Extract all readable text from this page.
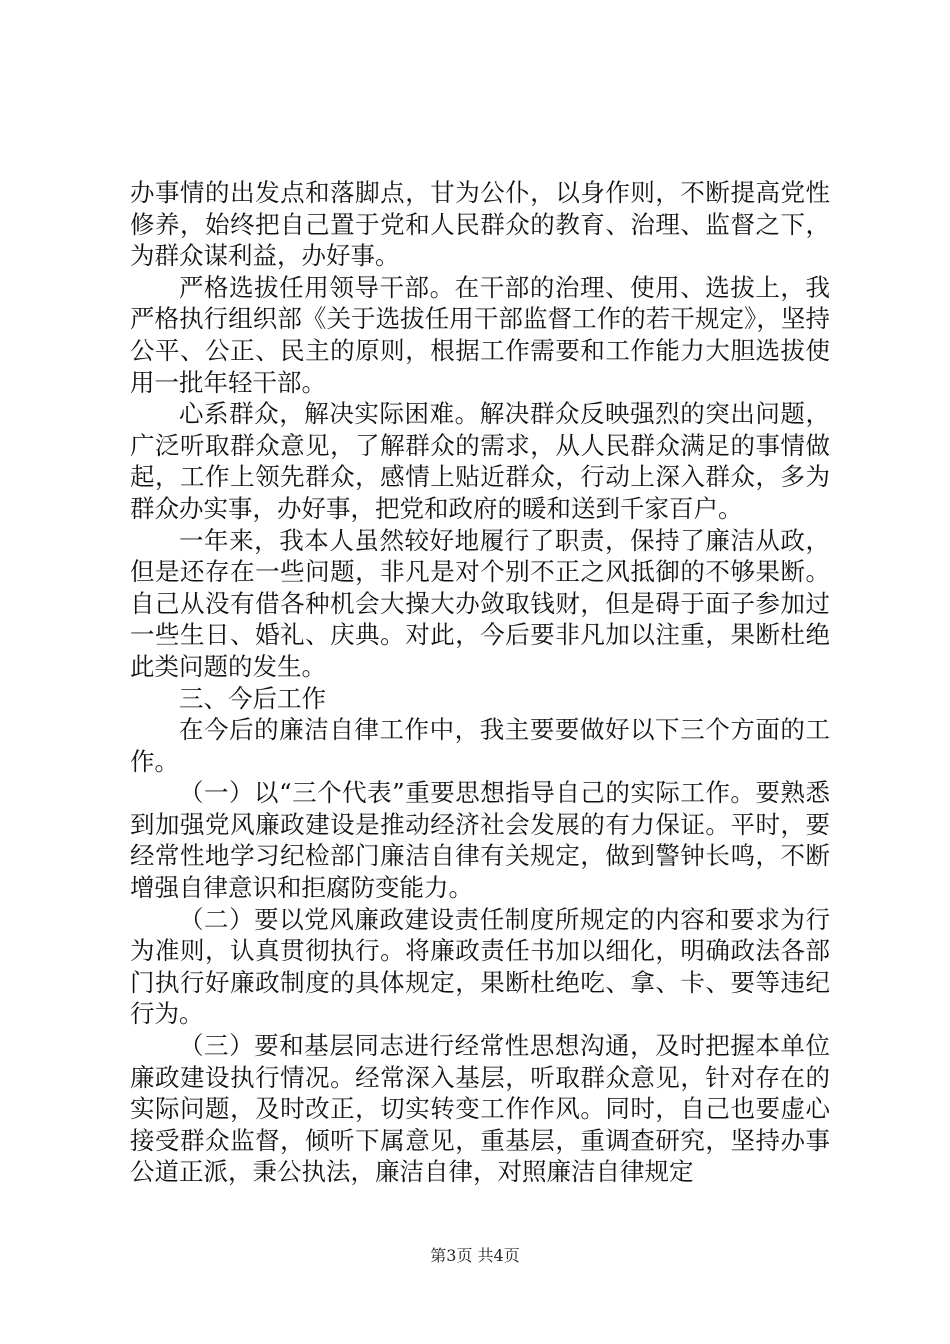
办事情的出发点和落脚点，甘为公仆，以身作则，不断提高党性修养，始终把自己置于党和人民群众的教育、治理、监督之下，为群众谋利益，办好事。

严格选拔任用领导干部。在干部的治理、使用、选拔上，我严格执行组织部《关于选拔任用干部监督工作的若干规定》，坚持公平、公正、民主的原则，根据工作需要和工作能力大胆选拔使用一批年轻干部。

心系群众，解决实际困难。解决群众反映强烈的突出问题，广泛听取群众意见，了解群众的需求，从人民群众满足的事情做起，工作上领先群众，感情上贴近群众，行动上深入群众，多为群众办实事，办好事，把党和政府的暖和送到千家百户。

一年来，我本人虽然较好地履行了职责，保持了廉洁从政，但是还存在一些问题，非凡是对个别不正之风抵御的不够果断。自己从没有借各种机会大操大办敛取钱财，但是碍于面子参加过一些生日、婚礼、庆典。对此，今后要非凡加以注重，果断杜绝此类问题的发生。

三、今后工作

在今后的廉洁自律工作中，我主要要做好以下三个方面的工作。

（一）以“三个代表”重要思想指导自己的实际工作。要熟悉到加强党风廉政建设是推动经济社会发展的有力保证。平时，要经常性地学习纪检部门廉洁自律有关规定，做到警钟长鸣，不断增强自律意识和拒腐防变能力。

（二）要以党风廉政建设责任制度所规定的内容和要求为行为准则，认真贯彻执行。将廉政责任书加以细化，明确政法各部门执行好廉政制度的具体规定，果断杜绝吃、拿、卡、要等违纪行为。

（三）要和基层同志进行经常性思想沟通，及时把握本单位廉政建设执行情况。经常深入基层，听取群众意见，针对存在的实际问题，及时改正，切实转变工作作风。同时，自己也要虚心接受群众监督，倾听下属意见，重基层，重调查研究，坚持办事公道正派，秉公执法，廉洁自律，对照廉洁自律规定

第3页 共4页
